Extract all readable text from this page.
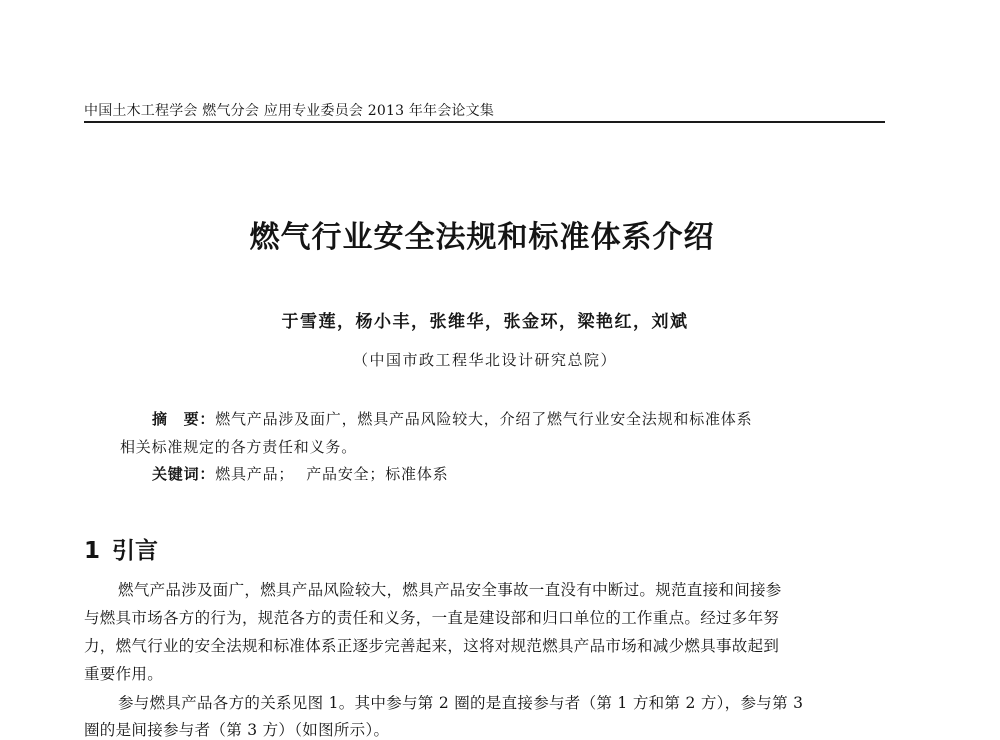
中国土木工程学会 燃气分会 应用专业委员会 2013 年年会论文集
燃气行业安全法规和标准体系介绍
于雪莲，杨小丰，张维华，张金环，梁艳红，刘斌
（中国市政工程华北设计研究总院）
摘　要：燃气产品涉及面广，燃具产品风险较大，介绍了燃气行业安全法规和标准体系
相关标准规定的各方责任和义务。
关键词：燃具产品； 产品安全；标准体系
1 引言
燃气产品涉及面广，燃具产品风险较大，燃具产品安全事故一直没有中断过。规范直接和间接参
与燃具市场各方的行为，规范各方的责任和义务，一直是建设部和归口单位的工作重点。经过多年努
力，燃气行业的安全法规和标准体系正逐步完善起来，这将对规范燃具产品市场和减少燃具事故起到
重要作用。
参与燃具产品各方的关系见图 1。其中参与第 2 圈的是直接参与者（第 1 方和第 2 方），参与第 3
圈的是间接参与者（第 3 方）（如图所示）。
